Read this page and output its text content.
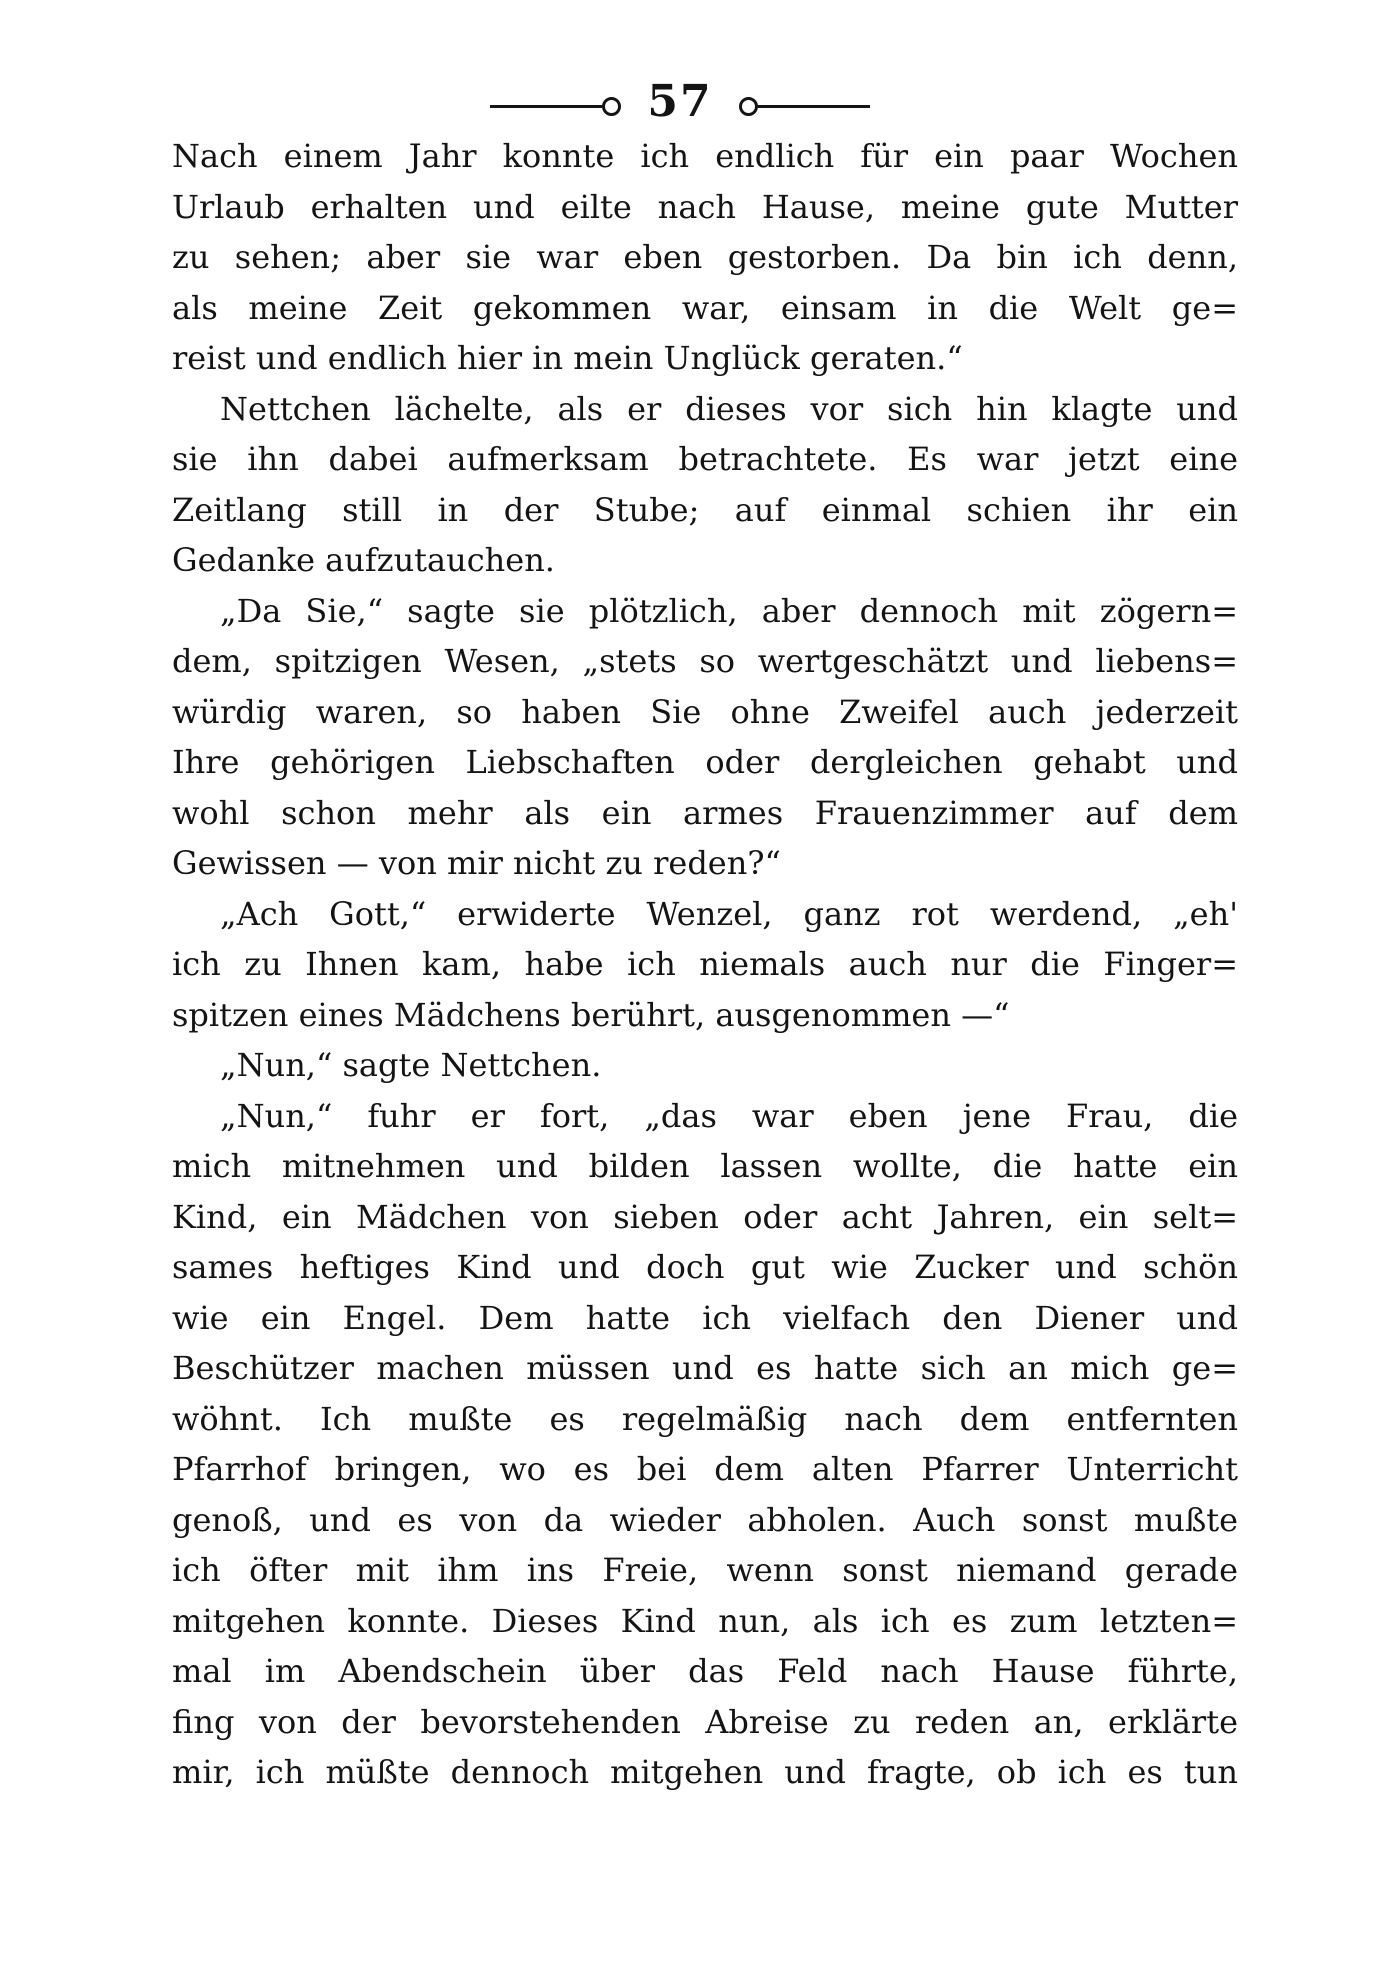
57
Nach einem Jahr konnte ich endlich für ein paar Wochen
Urlaub erhalten und eilte nach Hause, meine gute Mutter
zu sehen; aber sie war eben gestorben. Da bin ich denn,
als meine Zeit gekommen war, einsam in die Welt ge=
reist und endlich hier in mein Unglück geraten.“
Nettchen lächelte, als er dieses vor sich hin klagte und
sie ihn dabei aufmerksam betrachtete. Es war jetzt eine
Zeitlang still in der Stube; auf einmal schien ihr ein
Gedanke aufzutauchen.
„Da Sie,“ sagte sie plötzlich, aber dennoch mit zögern=
dem, spitzigen Wesen, „stets so wertgeschätzt und liebens=
würdig waren, so haben Sie ohne Zweifel auch jederzeit
Ihre gehörigen Liebschaften oder dergleichen gehabt und
wohl schon mehr als ein armes Frauenzimmer auf dem
Gewissen — von mir nicht zu reden?“
„Ach Gott,“ erwiderte Wenzel, ganz rot werdend, „eh'
ich zu Ihnen kam, habe ich niemals auch nur die Finger=
spitzen eines Mädchens berührt, ausgenommen —“
„Nun,“ sagte Nettchen.
„Nun,“ fuhr er fort, „das war eben jene Frau, die
mich mitnehmen und bilden lassen wollte, die hatte ein
Kind, ein Mädchen von sieben oder acht Jahren, ein selt=
sames heftiges Kind und doch gut wie Zucker und schön
wie ein Engel. Dem hatte ich vielfach den Diener und
Beschützer machen müssen und es hatte sich an mich ge=
wöhnt. Ich mußte es regelmäßig nach dem entfernten
Pfarrhof bringen, wo es bei dem alten Pfarrer Unterricht
genoß, und es von da wieder abholen. Auch sonst mußte
ich öfter mit ihm ins Freie, wenn sonst niemand gerade
mitgehen konnte. Dieses Kind nun, als ich es zum letzten=
mal im Abendschein über das Feld nach Hause führte,
fing von der bevorstehenden Abreise zu reden an, erklärte
mir, ich müßte dennoch mitgehen und fragte, ob ich es tun
